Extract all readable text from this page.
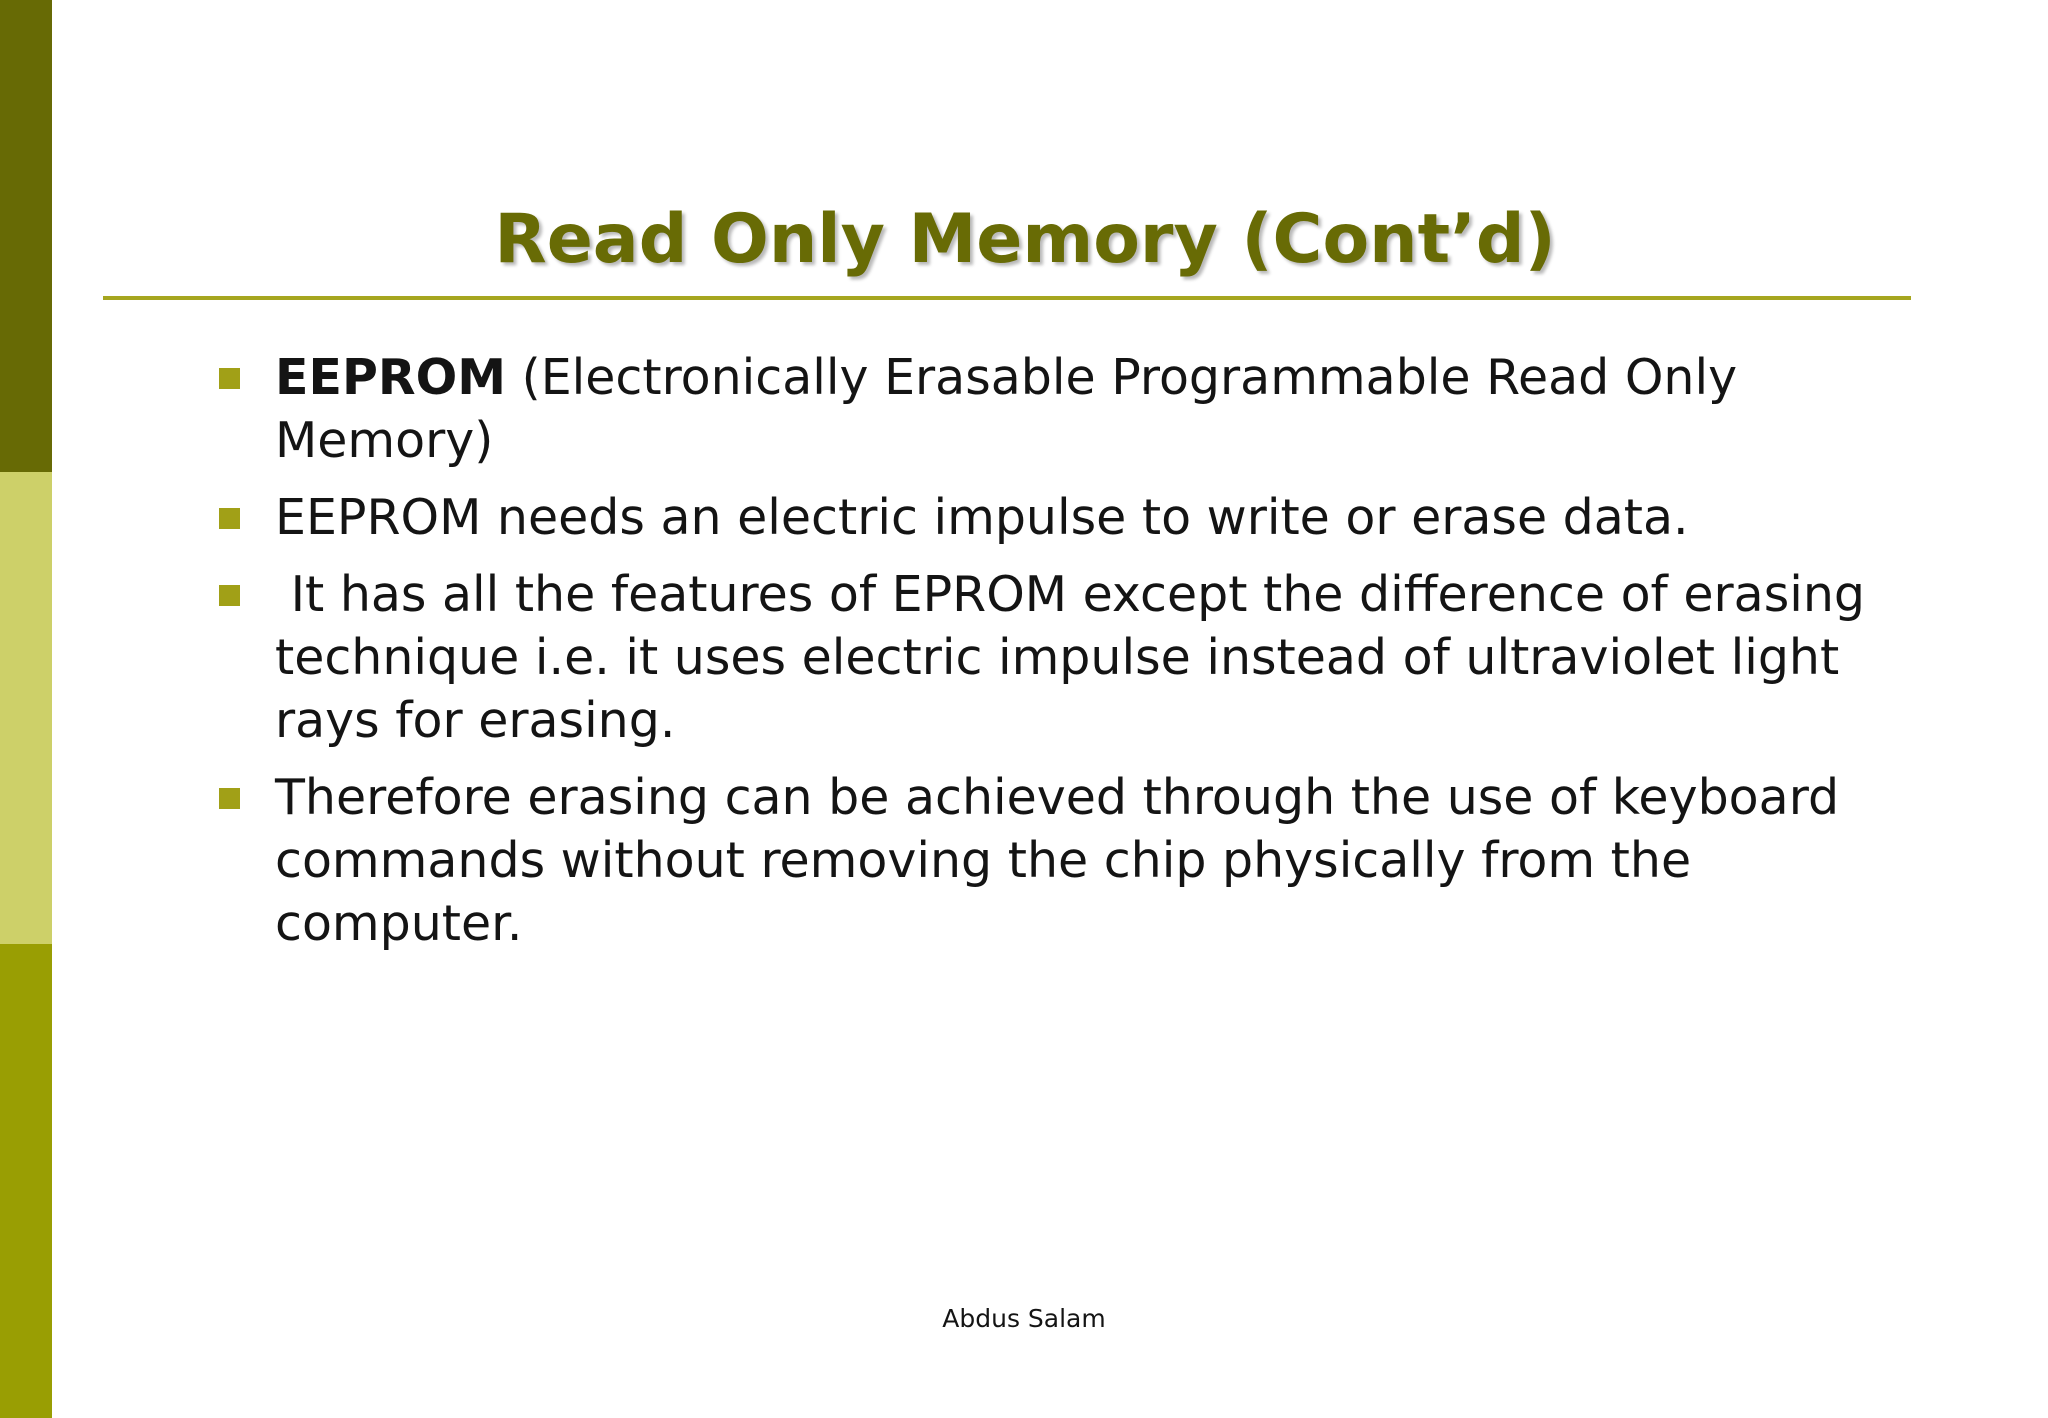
Read Only Memory (Cont’d)
EEPROM (Electronically Erasable Programmable Read Only Memory)
EEPROM needs an electric impulse to write or erase data.
It has all the features of EPROM except the difference of erasing technique i.e. it uses electric impulse instead of ultraviolet light rays for erasing.
Therefore erasing can be achieved through the use of keyboard commands without removing the chip physically from the computer.
Abdus Salam
